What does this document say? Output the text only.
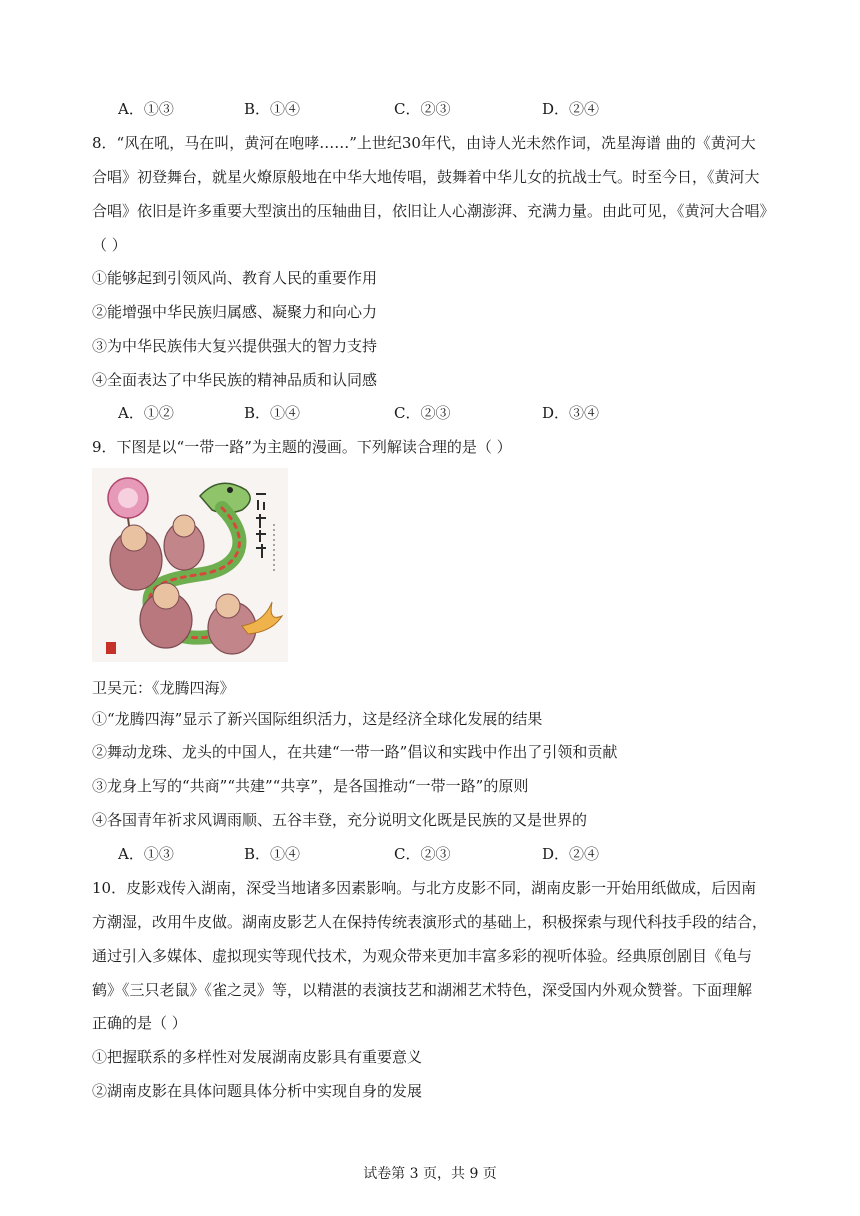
A．①③	B．①④	C．②③	D．②④
8．“风在吼，马在叫，黄河在咆哮……”上世纪30年代，由诗人光未然作词，冼星海谱 曲的《黄河大
合唱》初登舞台，就星火燎原般地在中华大地传唱，鼓舞着中华儿女的抗战士气。时至今日，《黄河大
合唱》依旧是许多重要大型演出的压轴曲目，依旧让人心潮澎湃、充满力量。由此可见，《黄河大合唱》
（ ）
①能够起到引领风尚、教育人民的重要作用
②能增强中华民族归属感、凝聚力和向心力
③为中华民族伟大复兴提供强大的智力支持
④全面表达了中华民族的精神品质和认同感
A．①②	B．①④	C．②③	D．③④
9．下图是以“一带一路”为主题的漫画。下列解读合理的是（ ）
卫吴元：《龙腾四海》
①“龙腾四海”显示了新兴国际组织活力，这是经济全球化发展的结果
②舞动龙珠、龙头的中国人，在共建“一带一路”倡议和实践中作出了引领和贡献
③龙身上写的“共商”“共建”“共享”，是各国推动“一带一路”的原则
④各国青年祈求风调雨顺、五谷丰登，充分说明文化既是民族的又是世界的
A．①③	B．①④	C．②③	D．②④
10．皮影戏传入湖南，深受当地诸多因素影响。与北方皮影不同，湖南皮影一开始用纸做成，后因南
方潮湿，改用牛皮做。湖南皮影艺人在保持传统表演形式的基础上，积极探索与现代科技手段的结合，
通过引入多媒体、虚拟现实等现代技术，为观众带来更加丰富多彩的视听体验。经典原创剧目《龟与
鹤》《三只老鼠》《雀之灵》等，以精湛的表演技艺和湖湘艺术特色，深受国内外观众赞誉。下面理解
正确的是（ ）
①把握联系的多样性对发展湖南皮影具有重要意义
②湖南皮影在具体问题具体分析中实现自身的发展
试卷第 3 页，共 9 页
